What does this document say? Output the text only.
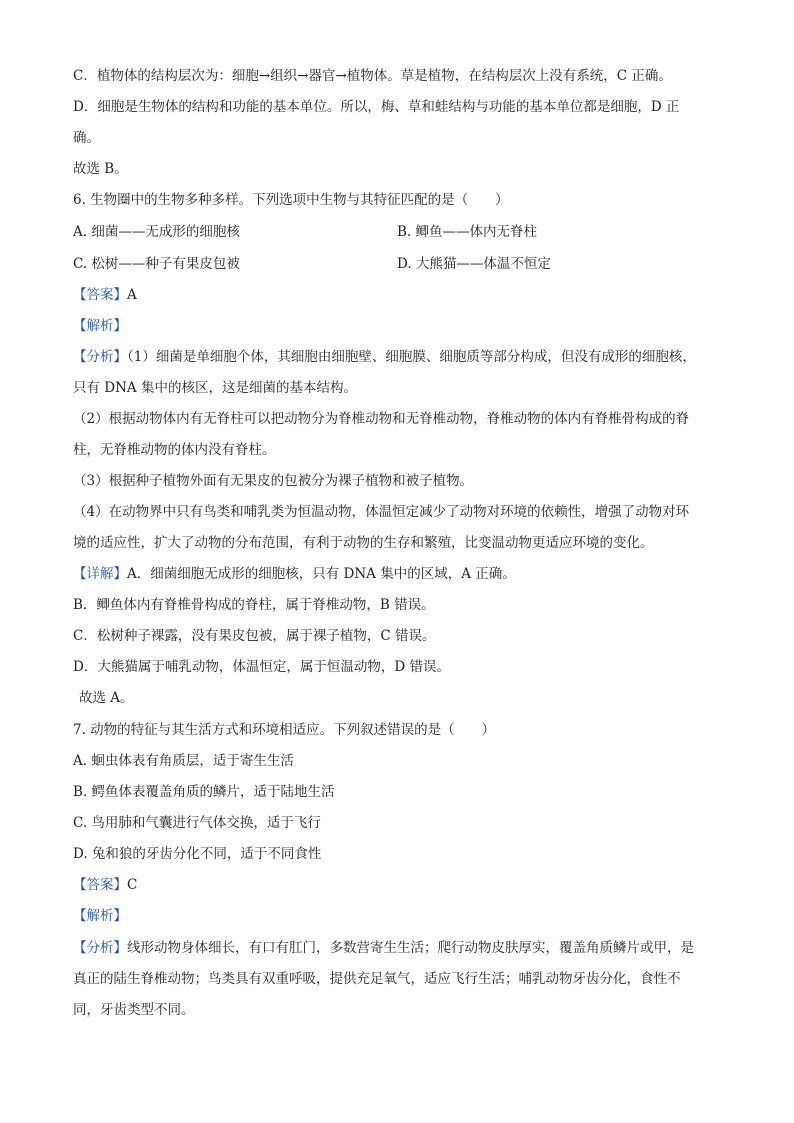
C．植物体的结构层次为：细胞→组织→器官→植物体。草是植物，在结构层次上没有系统，C 正确。
D．细胞是生物体的结构和功能的基本单位。所以，梅、草和蛙结构与功能的基本单位都是细胞，D 正
确。
故选 B。
6. 生物圈中的生物多种多样。下列选项中生物与其特征匹配的是（　　）
A. 细菌——无成形的细胞核	B. 鲫鱼——体内无脊柱
C. 松树——种子有果皮包被	D. 大熊猫——体温不恒定
【答案】A
【解析】
【分析】（1）细菌是单细胞个体，其细胞由细胞壁、细胞膜、细胞质等部分构成，但没有成形的细胞核，
只有 DNA 集中的核区，这是细菌的基本结构。
（2）根据动物体内有无脊柱可以把动物分为脊椎动物和无脊椎动物，脊椎动物的体内有脊椎骨构成的脊
柱，无脊椎动物的体内没有脊柱。
（3）根据种子植物外面有无果皮的包被分为裸子植物和被子植物。
（4）在动物界中只有鸟类和哺乳类为恒温动物，体温恒定减少了动物对环境的依赖性，增强了动物对环
境的适应性，扩大了动物的分布范围，有利于动物的生存和繁殖，比变温动物更适应环境的变化。
【详解】A．细菌细胞无成形的细胞核，只有 DNA 集中的区域，A 正确。
B．鲫鱼体内有脊椎骨构成的脊柱，属于脊椎动物，B 错误。
C．松树种子裸露，没有果皮包被，属于裸子植物，C 错误。
D．大熊猫属于哺乳动物，体温恒定，属于恒温动物，D 错误。
故选 A。
7. 动物的特征与其生活方式和环境相适应。下列叙述错误的是（　　）
A. 蛔虫体表有角质层，适于寄生生活
B. 鳄鱼体表覆盖角质的鳞片，适于陆地生活
C. 鸟用肺和气囊进行气体交换，适于飞行
D. 兔和狼的牙齿分化不同，适于不同食性
【答案】C
【解析】
【分析】线形动物身体细长，有口有肛门，多数营寄生生活；爬行动物皮肤厚实，覆盖角质鳞片或甲，是
真正的陆生脊椎动物；鸟类具有双重呼吸，提供充足氧气，适应飞行生活；哺乳动物牙齿分化，食性不
同，牙齿类型不同。
